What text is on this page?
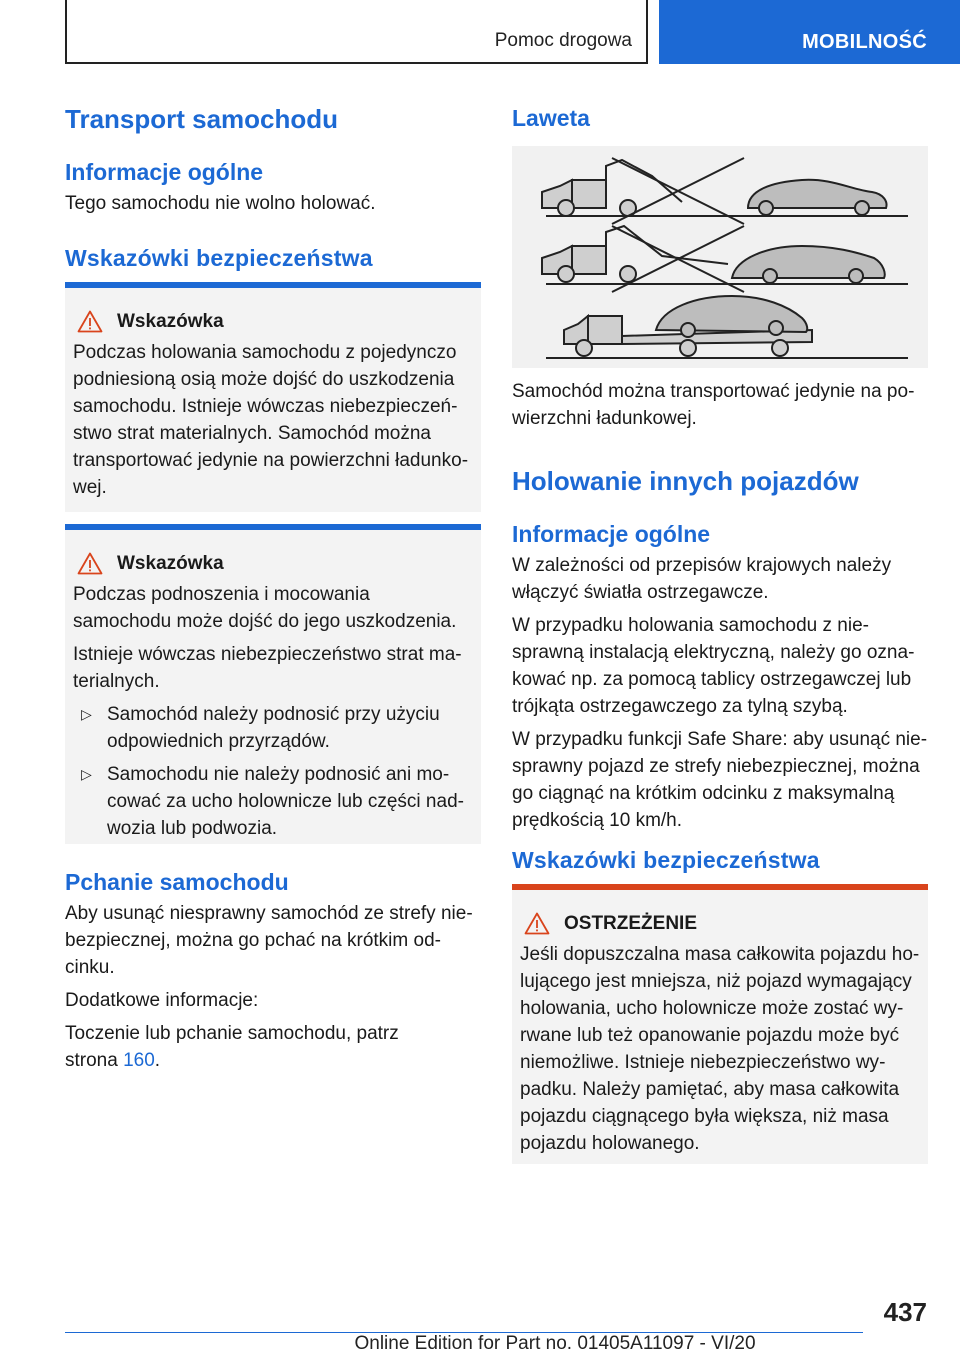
Pomoc drogowa	MOBILNOŚĆ
Transport samochodu
Informacje ogólne

Tego samochodu nie wolno holować.

Wskazówki bezpieczeństwa
Wskazówka

Podczas holowania samochodu z pojedynczo podniesioną osią może dojść do uszkodzenia samochodu. Istnieje wówczas niebezpieczeństwo strat materialnych. Samochód można transportować jedynie na powierzchni ładunkowej.

Wskazówka

Podczas podnoszenia i mocowania samochodu może dojść do jego uszkodzenia.

Istnieje wówczas niebezpieczeństwo strat materialnych.

▷ Samochód należy podnosić przy użyciu odpowiednich przyrządów.
▷ Samochodu nie należy podnosić ani mocować za ucho holownicze lub części nadwozia lub podwozia.
Pchanie samochodu

Aby usunąć niesprawny samochód ze strefy niebezpiecznej, można go pchać na krótkim odcinku.

Dodatkowe informacje:

Toczenie lub pchanie samochodu, patrz strona 160.

Laweta

Samochód można transportować jedynie na powierzchni ładunkowej.

Holowanie innych pojazdów
Informacje ogólne

W zależności od przepisów krajowych należy włączyć światła ostrzegawcze.

W przypadku holowania samochodu z niesprawną instalacją elektryczną, należy go oznakować np. za pomocą tablicy ostrzegawczej lub trójkąta ostrzegawczego za tylną szybą.

W przypadku funkcji Safe Share: aby usunąć niesprawny pojazd ze strefy niebezpiecznej, można go ciągnąć na krótkim odcinku z maksymalną prędkością 10 km/h.

Wskazówki bezpieczeństwa
OSTRZEŻENIE

Jeśli dopuszczalna masa całkowita pojazdu holującego jest mniejsza, niż pojazd wymagający holowania, ucho holownicze może zostać wyrwane lub też opanowanie pojazdu może być niemożliwe. Istnieje niebezpieczeństwo wypadku. Należy pamiętać, aby masa całkowita pojazdu ciągnącego była większa, niż masa pojazdu holowanego.

437
Online Edition for Part no. 01405A11097 - VI/20
